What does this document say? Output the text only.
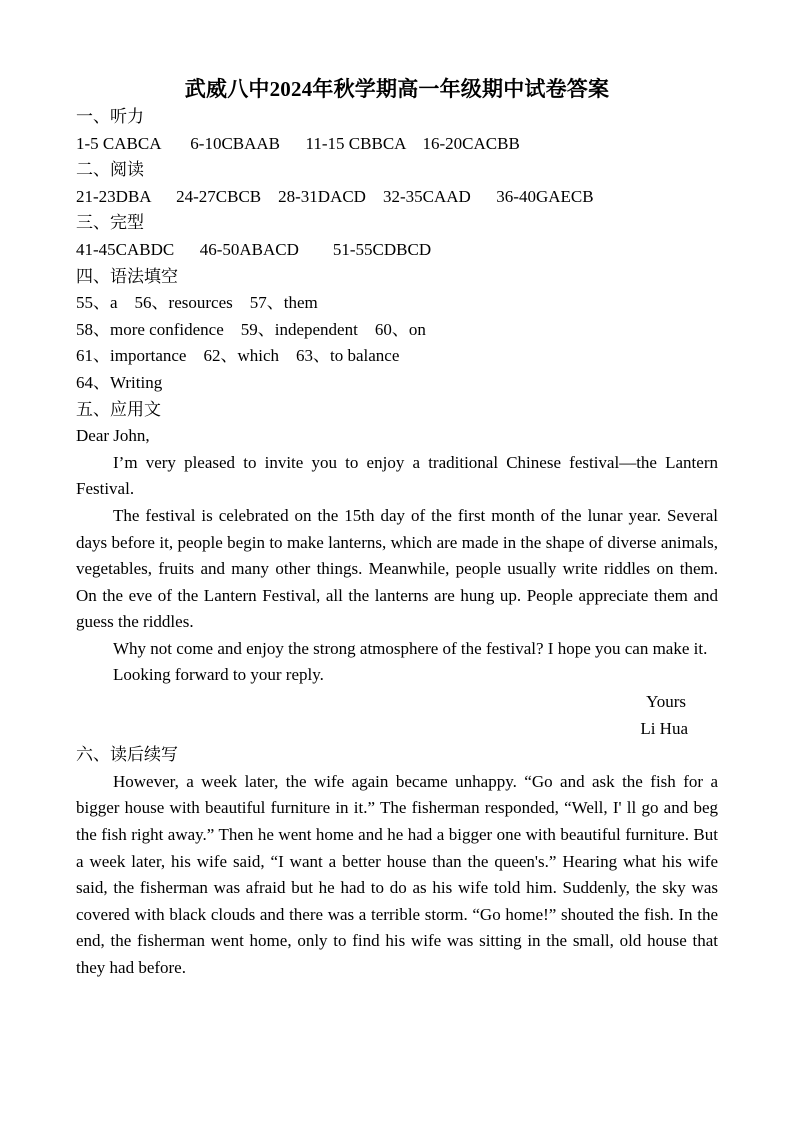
武威八中2024年秋学期高一年级期中试卷答案
一、听力
1-5 CABCA       6-10CBAAB      11-15 CBBCA    16-20CACBB
二、阅读
21-23DBA      24-27CBCB    28-31DACD    32-35CAAD      36-40GAECB
三、完型
41-45CABDC      46-50ABACD        51-55CDBCD
四、语法填空
55、a    56、resources    57、them
58、more confidence    59、independent    60、on
61、importance    62、which    63、to balance
64、Writing
五、应用文
Dear John,
I’m very pleased to invite you to enjoy a traditional Chinese festival—the Lantern Festival.
The festival is celebrated on the 15th day of the first month of the lunar year. Several days before it, people begin to make lanterns, which are made in the shape of diverse animals, vegetables, fruits and many other things. Meanwhile, people usually write riddles on them. On the eve of the Lantern Festival, all the lanterns are hung up. People appreciate them and guess the riddles.
Why not come and enjoy the strong atmosphere of the festival? I hope you can make it.
Looking forward to your reply.
Yours
Li Hua
六、读后续写
However, a week later, the wife again became unhappy. “Go and ask the fish for a bigger house with beautiful furniture in it.” The fisherman responded, “Well, I' ll go and beg the fish right away.” Then he went home and he had a bigger one with beautiful furniture. But a week later, his wife said, “I want a better house than the queen's.” Hearing what his wife said, the fisherman was afraid but he had to do as his wife told him. Suddenly, the sky was covered with black clouds and there was a terrible storm. “Go home!” shouted the fish. In the end, the fisherman went home, only to find his wife was sitting in the small, old house that they had before.
